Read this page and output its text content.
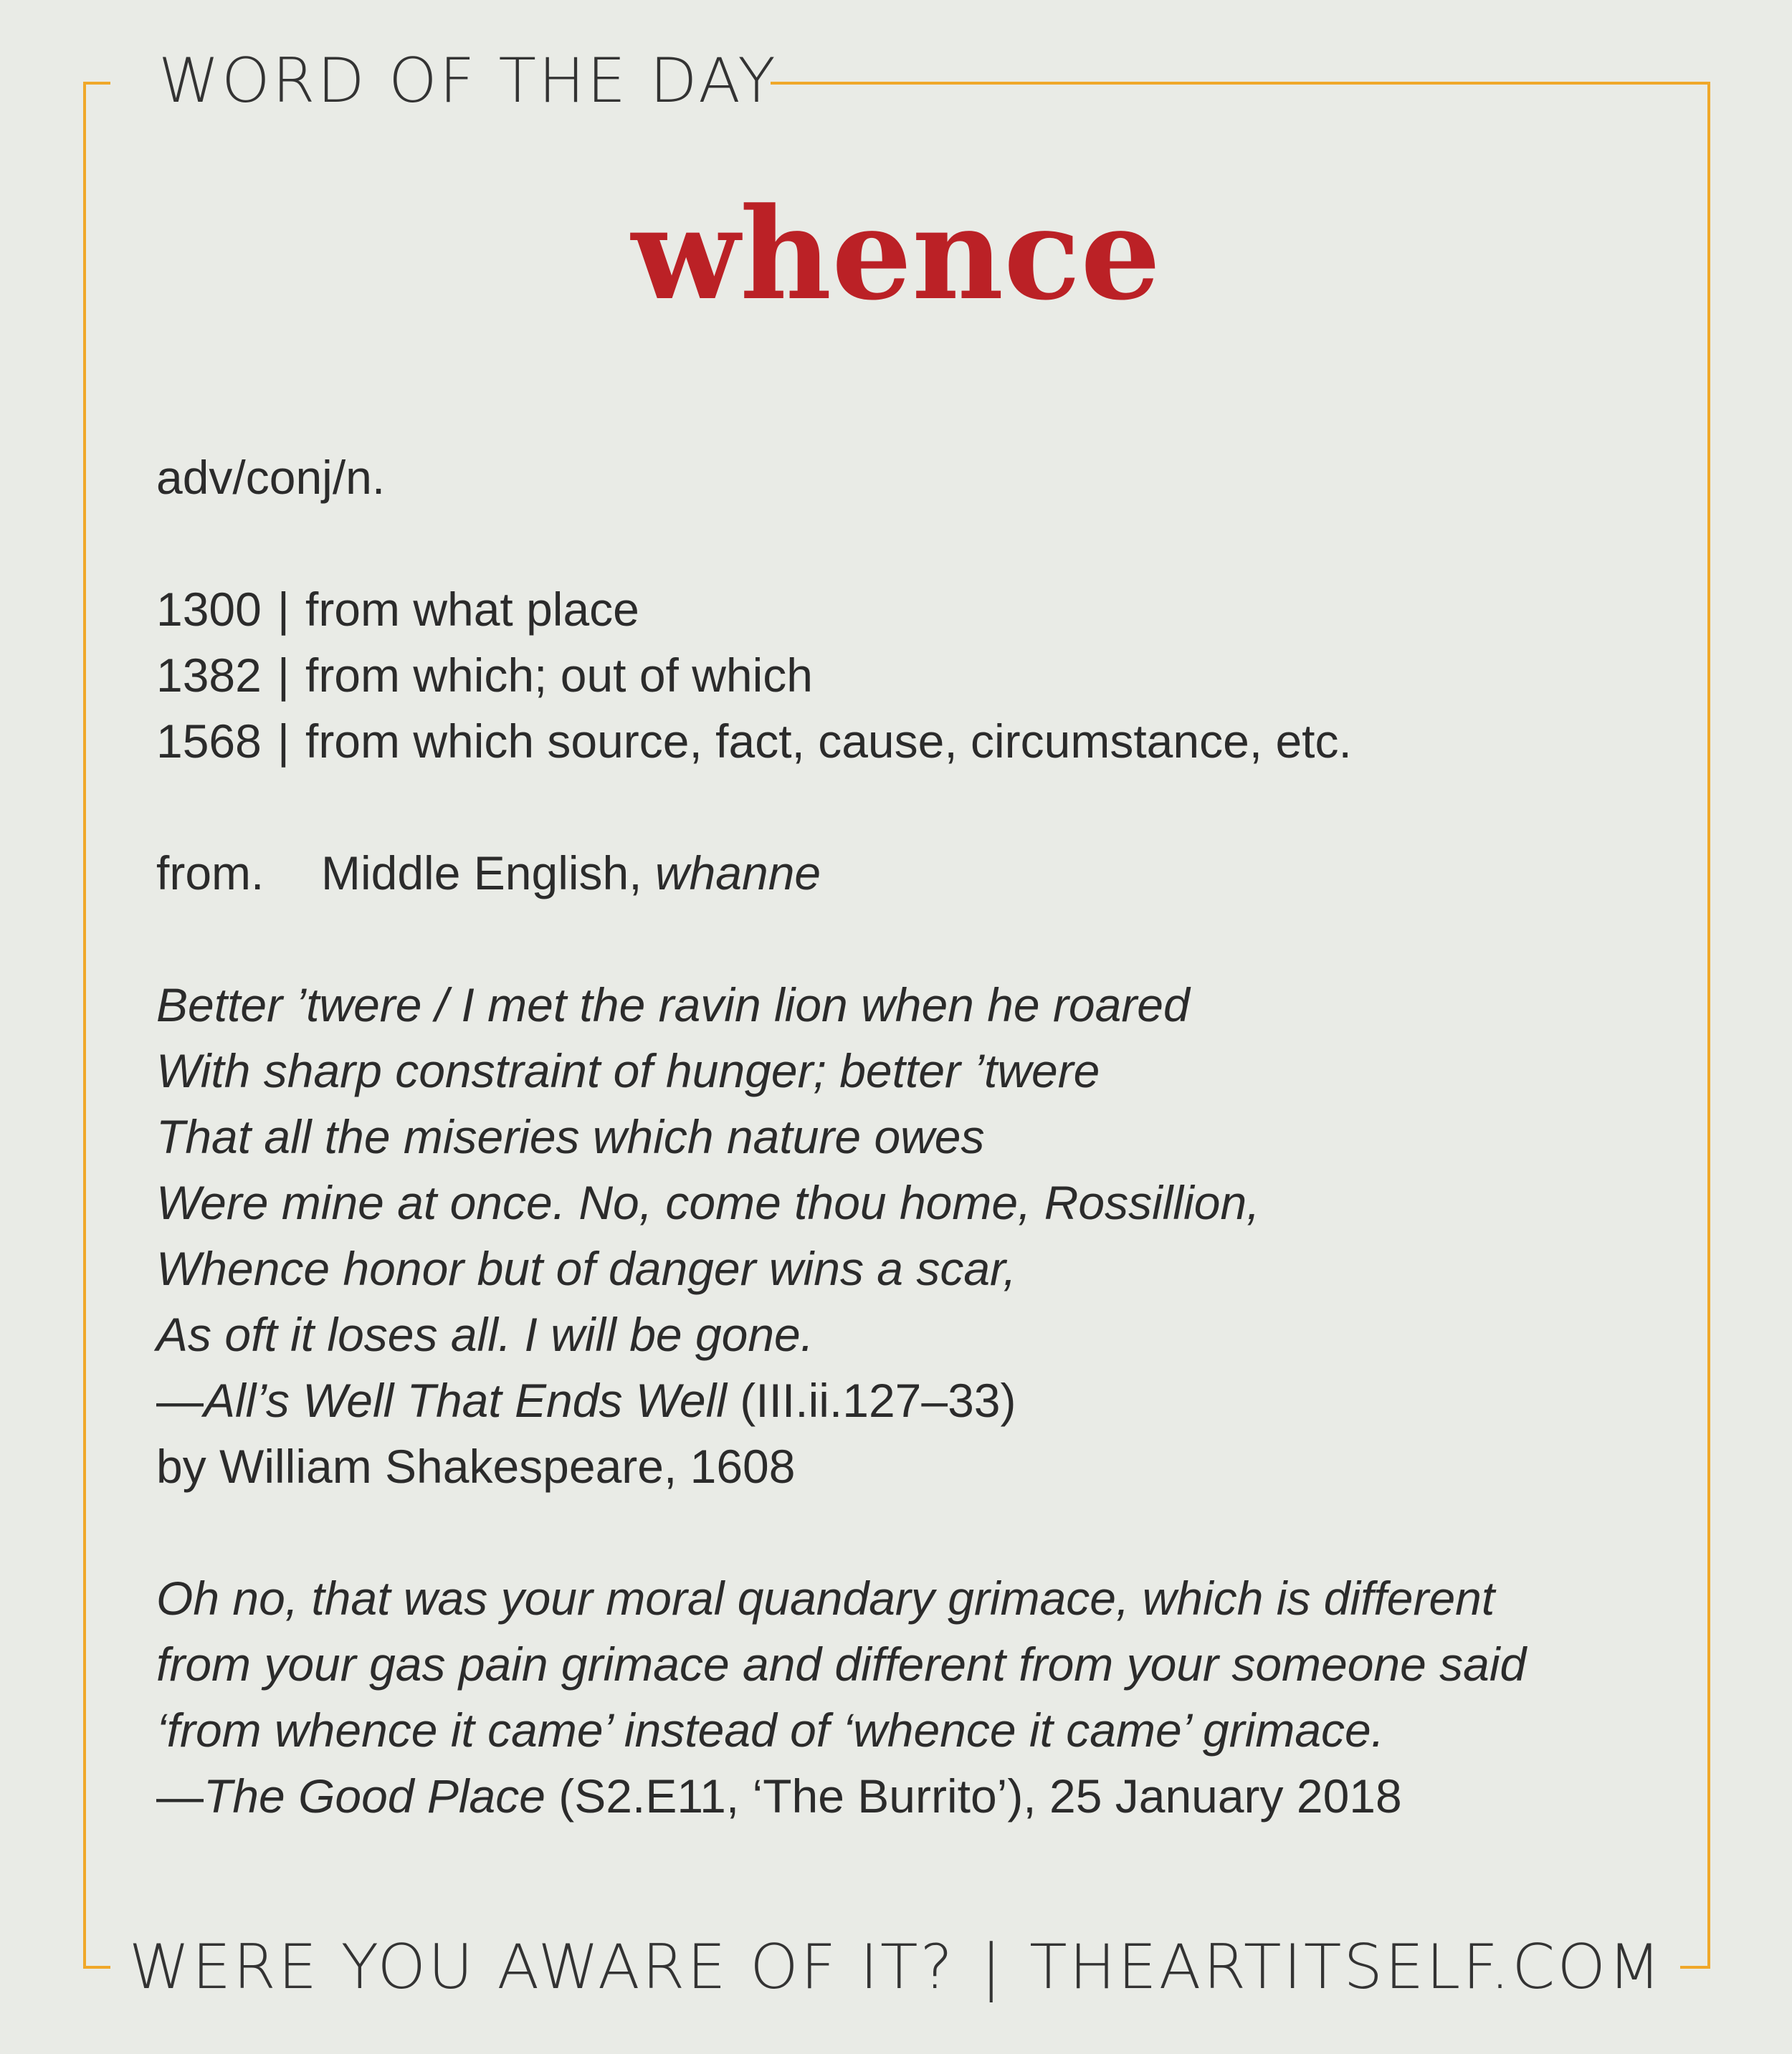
WORD OF THE DAY
whence
adv/conj/n.
1300 | from what place
1382 | from which; out of which
1568 | from which source, fact, cause, circumstance, etc.
from. Middle English, whanne
Better ’twere / I met the ravin lion when he roared
With sharp constraint of hunger; better ’twere
That all the miseries which nature owes
Were mine at once. No, come thou home, Rossillion,
Whence honor but of danger wins a scar,
As oft it loses all. I will be gone.
—All’s Well That Ends Well (III.ii.127–33)
by William Shakespeare, 1608
Oh no, that was your moral quandary grimace, which is different
from your gas pain grimace and different from your someone said
‘from whence it came’ instead of ‘whence it came’ grimace.
—The Good Place (S2.E11, ‘The Burrito’), 25 January 2018
WERE YOU AWARE OF IT? | THEARTITSELF.COM
